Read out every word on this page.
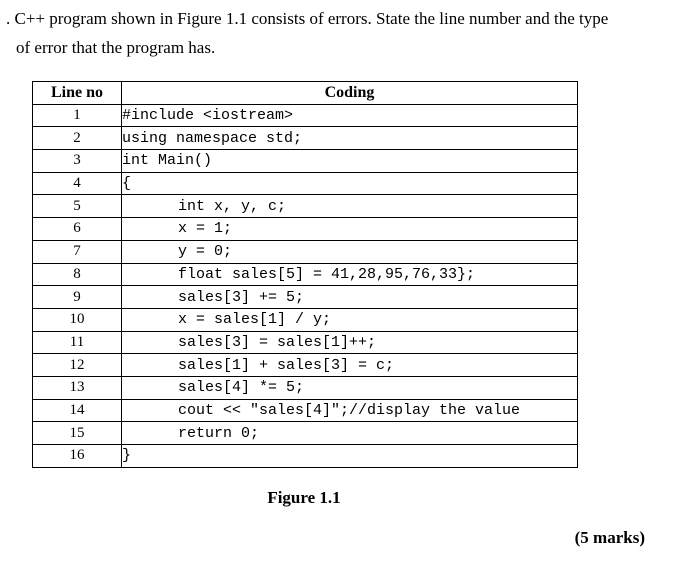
. C++ program shown in Figure 1.1 consists of errors. State the line number and the type
of error that the program has.
Line no	Coding
1	#include <iostream>
2	using namespace std;
3	int Main()
4	{
5	int x, y, c;
6	x = 1;
7	y = 0;
8	float sales[5] = 41,28,95,76,33};
9	sales[3] += 5;
10	x = sales[1] / y;
11	sales[3] = sales[1]++;
12	sales[1] + sales[3] = c;
13	sales[4] *= 5;
14	cout << "sales[4]";//display the value
15	return 0;
16	}
Figure 1.1
(5 marks)
